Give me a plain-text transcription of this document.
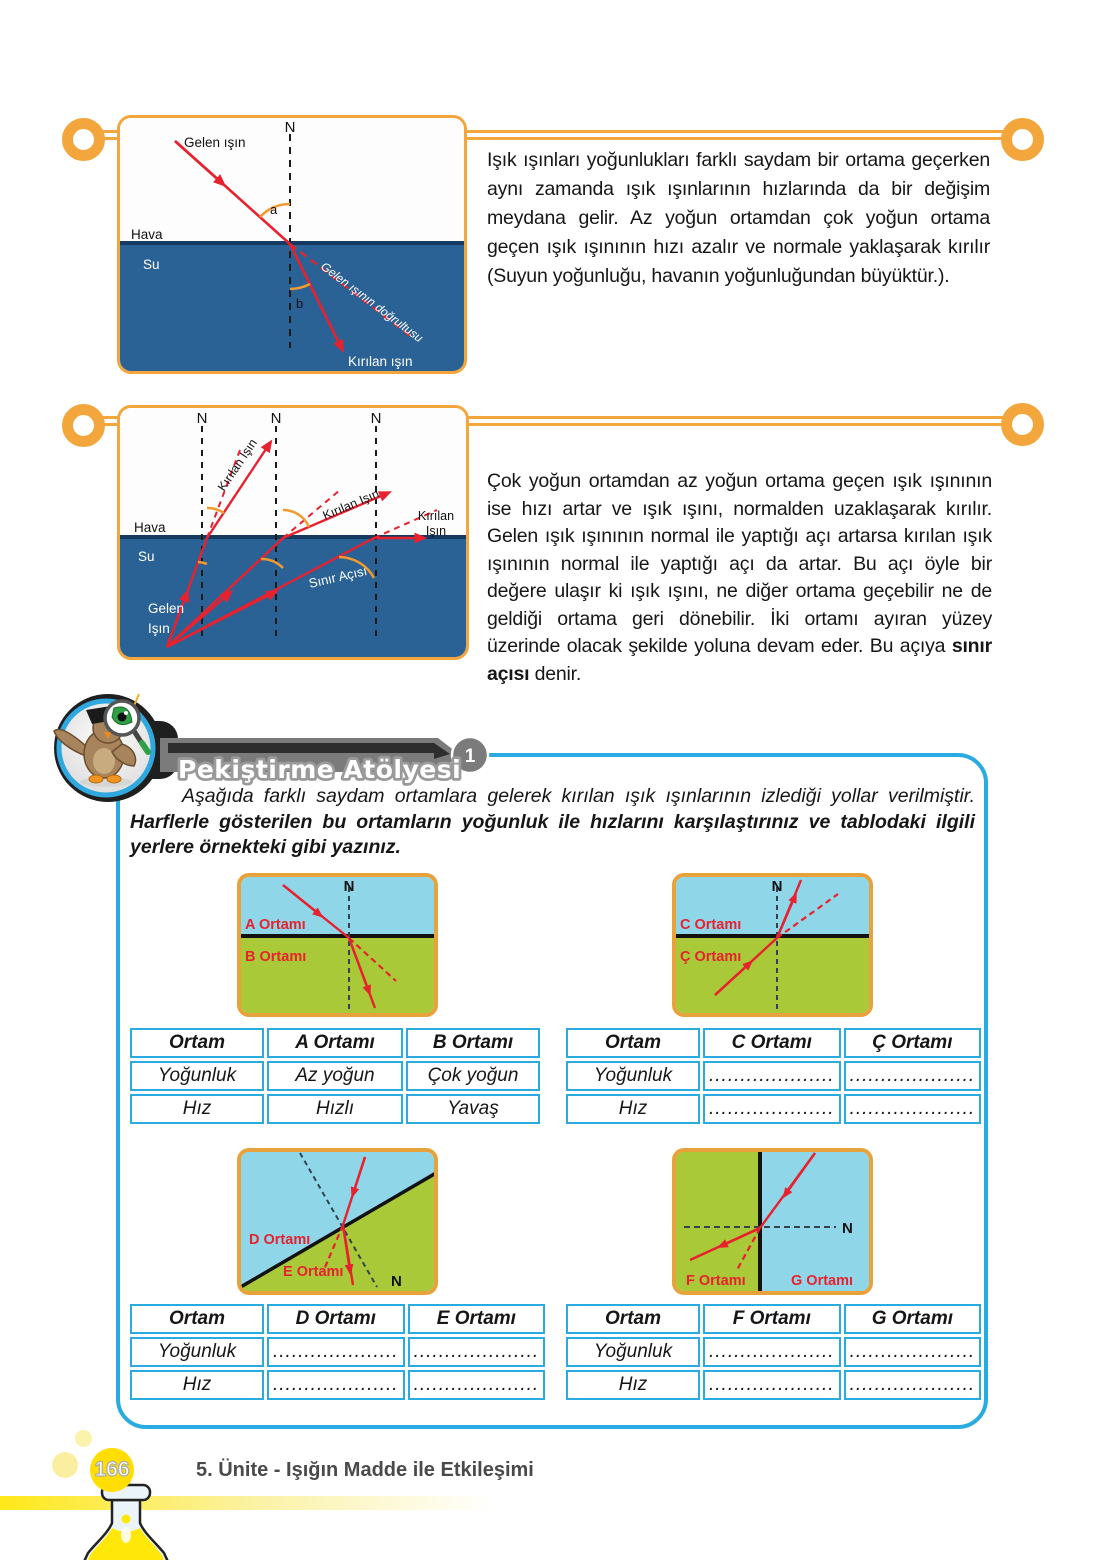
N
Gelen ışın
a
Hava
Su
b Gelen ışının doğrultusu
Kırılan ışın

Işık ışınları yoğunlukları farklı saydam bir ortama geçerken aynı zamanda ışık ışınlarının hızlarında da bir değişim meydana gelir. Az yoğun ortamdan çok yoğun ortama geçen ışık ışınının hızı azalır ve normale yaklaşarak kırılır (Suyun yoğunluğu, havanın yoğunluğundan büyüktür.).

N	N	N
Kırılan Işın
Kırılan Işın	Kırılan
Işın
Hava
Su
Gelen
Işın
Sınır Açısı

Çok yoğun ortamdan az yoğun ortama geçen ışık ışınının ise hızı artar ve ışık ışını, normalden uzaklaşarak kırılır. Gelen ışık ışınının normal ile yaptığı açı artarsa kırılan ışık ışınının normal ile yaptığı açı da artar. Bu açı öyle bir değere ulaşır ki ışık ışını, ne diğer ortama geçebilir ne de geldiği ortama geri dönebilir. İki ortamı ayıran yüzey üzerinde olacak şekilde yoluna devam eder. Bu açıya sınır açısı denir.

1
Pekiştirme Atölyesi

Aşağıda farklı saydam ortamlara gelerek kırılan ışık ışınlarının izlediği yollar verilmiştir. Harflerle gösterilen bu ortamların yoğunluk ile hızlarını karşılaştırınız ve tablodaki ilgili yerlere örnekteki gibi yazınız.

N
A Ortamı
B Ortamı
N
C Ortamı
Ç Ortamı
Ortam	A Ortamı	B Ortamı
Yoğunluk	Az yoğun	Çok yoğun
Hız	Hızlı	Yavaş
Ortam	C Ortamı	Ç Ortamı
Yoğunluk	....................	....................
Hız	....................	....................
N
D Ortamı
E Ortamı
N
F Ortamı	G Ortamı
Ortam	D Ortamı	E Ortamı
Yoğunluk	....................	....................
Hız	....................	....................
Ortam	F Ortamı	G Ortamı
Yoğunluk	....................	....................
Hız	....................	....................
166	5. Ünite - Işığın Madde ile Etkileşimi
